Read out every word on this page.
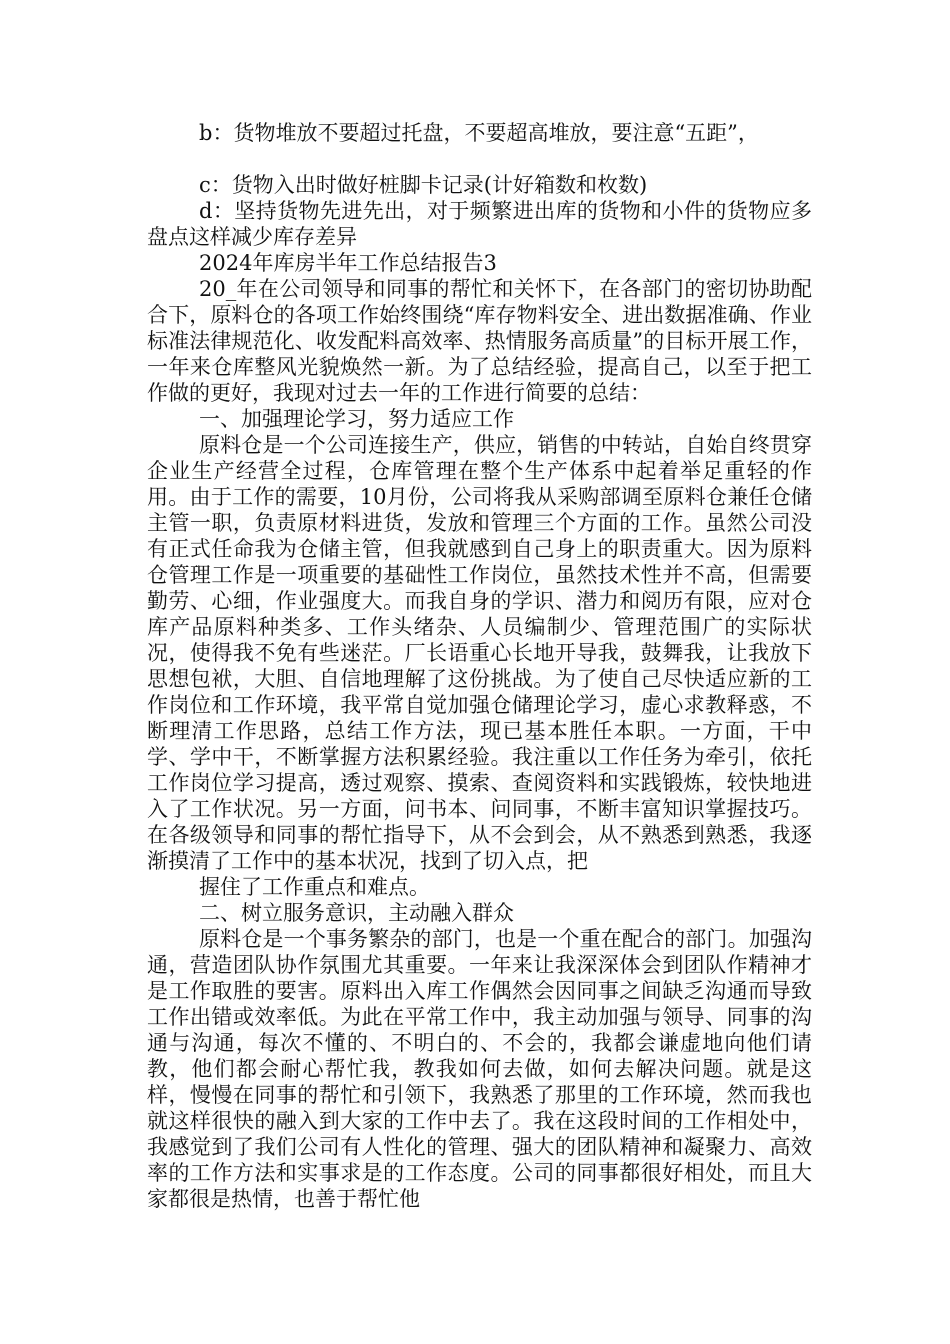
b：货物堆放不要超过托盘，不要超高堆放，要注意“五距”，

c：货物入出时做好桩脚卡记录(计好箱数和枚数)

d：坚持货物先进先出，对于频繁进出库的货物和小件的货物应多盘点这样减少库存差异

2024年库房半年工作总结报告3

20_年在公司领导和同事的帮忙和关怀下，在各部门的密切协助配合下，原料仓的各项工作始终围绕“库存物料安全、进出数据准确、作业标准法律规范化、收发配料高效率、热情服务高质量”的目标开展工作，一年来仓库整风光貌焕然一新。为了总结经验，提高自己，以至于把工作做的更好，我现对过去一年的工作进行简要的总结：

一、加强理论学习，努力适应工作

原料仓是一个公司连接生产，供应，销售的中转站，自始自终贯穿企业生产经营全过程，仓库管理在整个生产体系中起着举足重轻的作用。由于工作的需要，10月份，公司将我从采购部调至原料仓兼任仓储主管一职，负责原材料进货，发放和管理三个方面的工作。虽然公司没有正式任命我为仓储主管，但我就感到自己身上的职责重大。因为原料仓管理工作是一项重要的基础性工作岗位，虽然技术性并不高，但需要勤劳、心细，作业强度大。而我自身的学识、潜力和阅历有限，应对仓库产品原料种类多、工作头绪杂、人员编制少、管理范围广的实际状况，使得我不免有些迷茫。厂长语重心长地开导我，鼓舞我，让我放下思想包袱，大胆、自信地理解了这份挑战。为了使自己尽快适应新的工作岗位和工作环境，我平常自觉加强仓储理论学习，虚心求教释惑，不断理清工作思路，总结工作方法，现已基本胜任本职。一方面，干中学、学中干，不断掌握方法积累经验。我注重以工作任务为牵引，依托工作岗位学习提高，透过观察、摸索、查阅资料和实践锻炼，较快地进入了工作状况。另一方面，问书本、问同事，不断丰富知识掌握技巧。在各级领导和同事的帮忙指导下，从不会到会，从不熟悉到熟悉，我逐渐摸清了工作中的基本状况，找到了切入点，把

握住了工作重点和难点。

二、树立服务意识，主动融入群众

原料仓是一个事务繁杂的部门，也是一个重在配合的部门。加强沟通，营造团队协作氛围尤其重要。一年来让我深深体会到团队作精神才是工作取胜的要害。原料出入库工作偶然会因同事之间缺乏沟通而导致工作出错或效率低。为此在平常工作中，我主动加强与领导、同事的沟通与沟通，每次不懂的、不明白的、不会的，我都会谦虚地向他们请教，他们都会耐心帮忙我，教我如何去做，如何去解决问题。就是这样，慢慢在同事的帮忙和引领下，我熟悉了那里的工作环境，然而我也就这样很快的融入到大家的工作中去了。我在这段时间的工作相处中，我感觉到了我们公司有人性化的管理、强大的团队精神和凝聚力、高效率的工作方法和实事求是的工作态度。公司的同事都很好相处，而且大家都很是热情，也善于帮忙他
